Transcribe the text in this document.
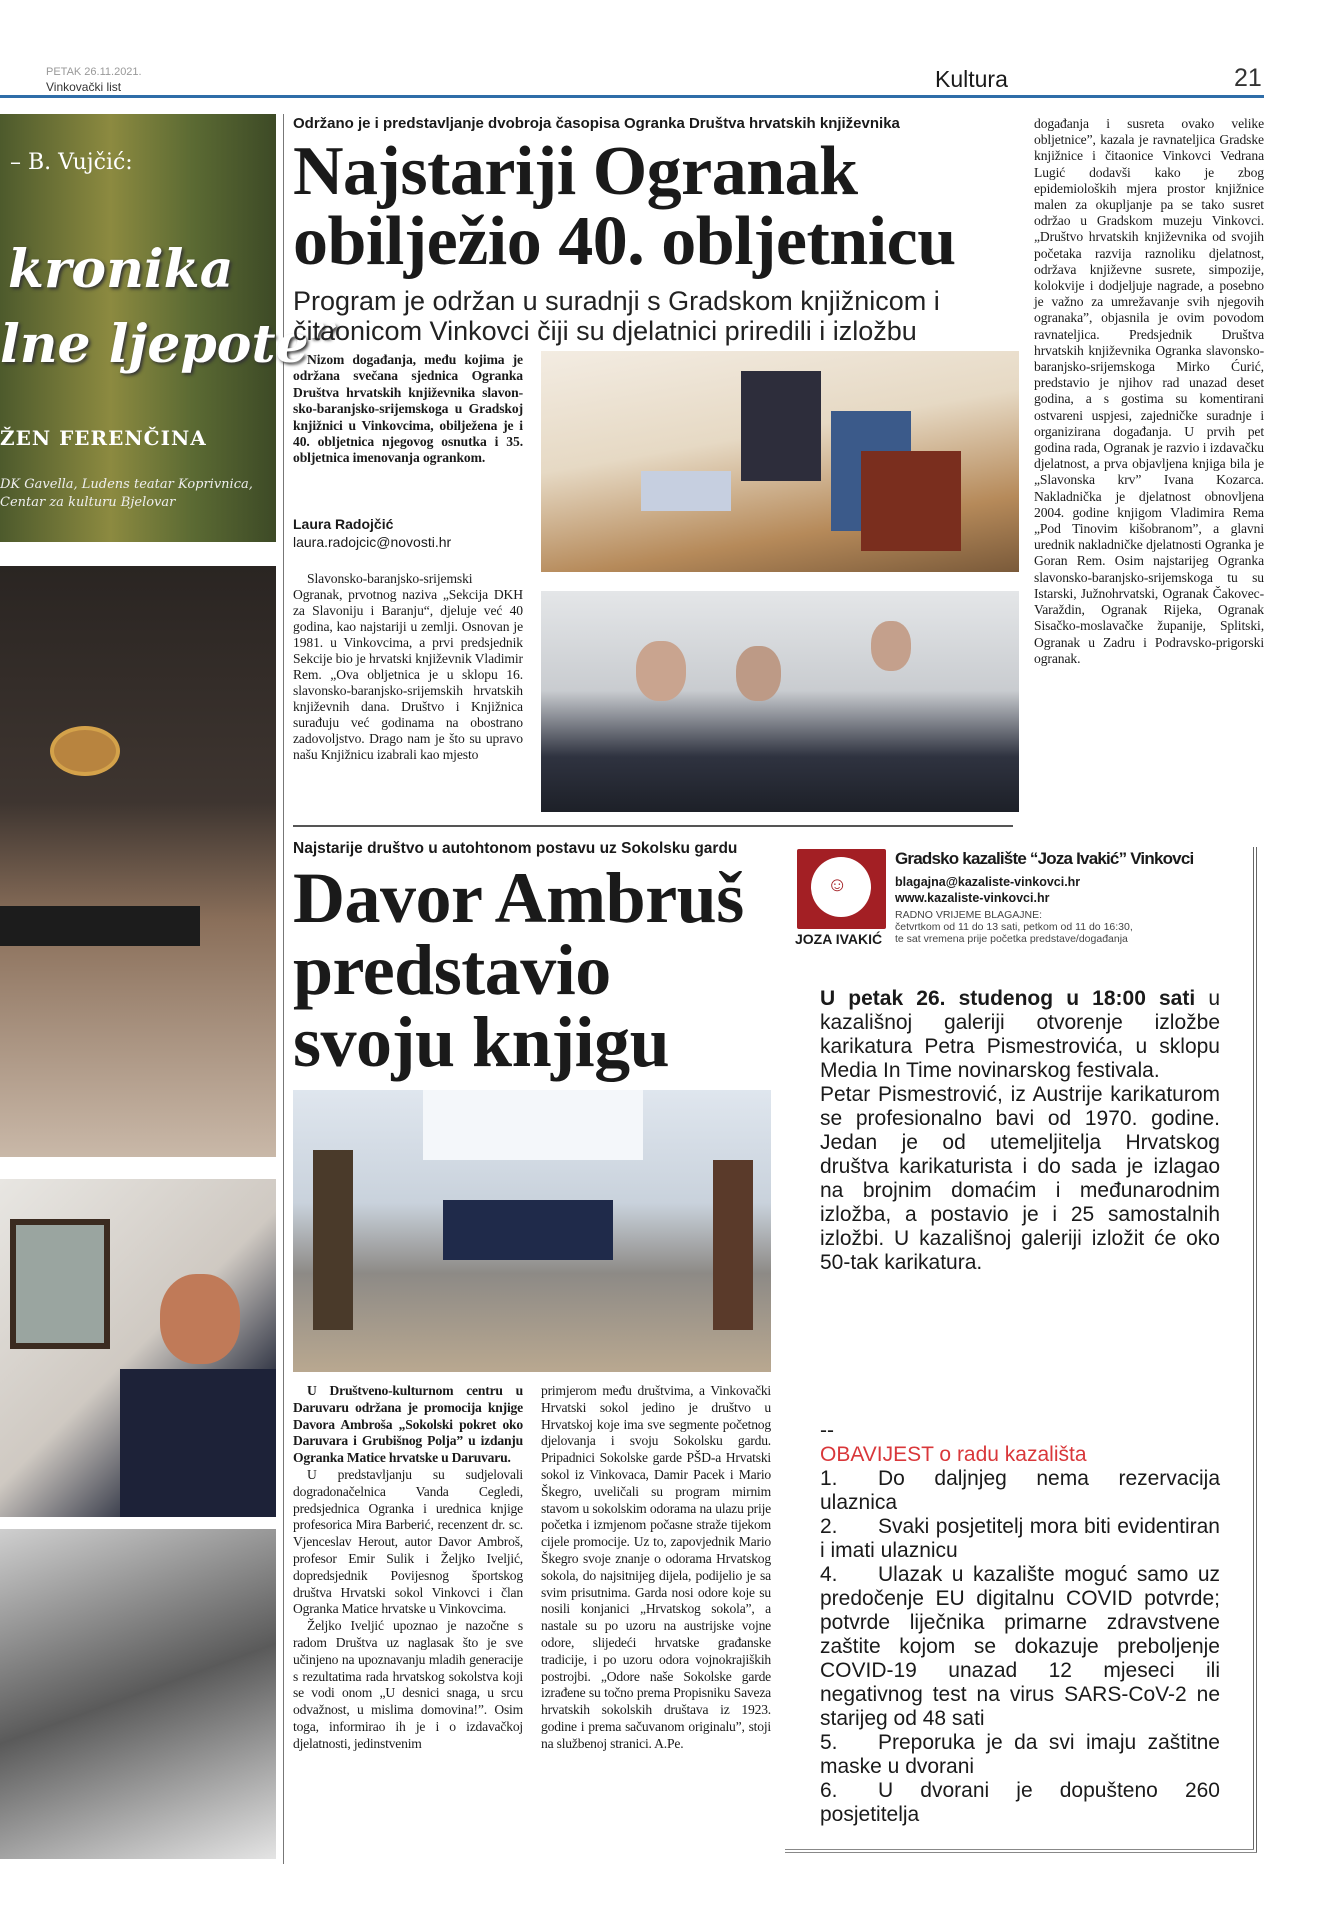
PETAK 26.11.2021.
Vinkovački list	Kultura	21
– B. Vujčić:
kronika
lne ljepote“
ŽEN FERENČINA
DK Gavella, Ludens teatar Koprivnica, Centar za kulturu Bjelovar
Održano je i predstavljanje dvobroja časopisa Ogranka Društva hrvatskih književnika
Najstariji Ogranak
obilježio 40. obljetnicu
Program je održan u suradnji s Gradskom knjižnicom i čitaonicom Vinkovci čiji su djelatnici priredili i izložbu

Nizom događanja, među kojima je održana svečana sjednica Ogranka Društva hrvatskih književnika slavon-sko-baranjsko-srijemskoga u Gradskoj knjižnici u Vinkovcima, obilježena je i 40. obljetnica njegovog osnutka i 35. obljetnica imenovanja ogrankom.

Laura Radojčić
laura.radojcic@novosti.hr

Slavonsko-baranjsko-srijemski Ogranak, prvotnog naziva „Sekcija DKH za Slavoniju i Baranju“, djeluje već 40 godina, kao najstariji u zemlji. Osnovan je 1981. u Vinkovcima, a prvi predsjednik Sekcije bio je hrvatski književnik Vladimir Rem. „Ova obljetnica je u sklopu 16. slavonsko-baranjsko-srijemskih hrvatskih književnih dana. Društvo i Knjižnica surađuju već godinama na obostrano zadovoljstvo. Drago nam je što su upravo našu Knjižnicu izabrali kao mjesto

događanja i susreta ovako velike obljetnice”, kazala je ravnateljica Gradske knjižnice i čitaonice Vinkovci Vedrana Lugić dodavši kako je zbog epidemioloških mjera prostor knjižnice malen za okupljanje pa se tako susret održao u Gradskom muzeju Vinkovci. „Društvo hrvatskih književnika od svojih početaka razvija raznoliku djelatnost, održava književne susrete, simpozije, kolokvije i dodjeljuje nagrade, a posebno je važno za umrežavanje svih njegovih ogranaka”, objasnila je ovim povodom ravnateljica. Predsjednik Društva hrvatskih književnika Ogranka slavonsko-baranjsko-srijemskoga Mirko Ćurić, predstavio je njihov rad unazad deset godina, a s gostima su komentirani ostvareni uspjesi, zajedničke suradnje i organizirana događanja. U prvih pet godina rada, Ogranak je razvio i izdavačku djelatnost, a prva objavljena knjiga bila je „Slavonska krv” Ivana Kozarca. Nakladnička je djelatnost obnovljena 2004. godine knjigom Vladimira Rema „Pod Tinovim kišobranom”, a glavni urednik nakladničke djelatnosti Ogranka je Goran Rem. Osim najstarijeg Ogranka slavonsko-baranjsko-srijemskoga tu su Istarski, Južnohrvatski, Ogranak Čakovec-Varaždin, Ogranak Rijeka, Ogranak Sisačko-moslavačke županije, Splitski, Ogranak u Zadru i Podravsko-prigorski ogranak.

Najstarije društvo u autohtonom postavu uz Sokolsku gardu
Davor Ambruš
predstavio
svoju knjigu

U Društveno-kulturnom centru u Daruvaru održana je promocija knjige Davora Ambroša „Sokolski pokret oko Daruvara i Grubišnog Polja” u izdanju Ogranka Matice hrvatske u Daruvaru.

U predstavljanju su sudjelovali dogradonačelnica Vanda Cegledi, predsjednica Ogranka i urednica knjige profesorica Mira Barberić, recenzent dr. sc. Vjenceslav Herout, autor Davor Ambroš, profesor Emir Sulik i Željko Iveljić, dopredsjednik Povijesnog športskog društva Hrvatski sokol Vinkovci i član Ogranka Matice hrvatske u Vinkovcima.

Željko Iveljić upoznao je nazočne s radom Društva uz naglasak što je sve učinjeno na upoznavanju mladih generacije s rezultatima rada hrvatskog sokolstva koji se vodi onom „U desnici snaga, u srcu odvažnost, u mislima domovina!”. Osim toga, informirao ih je i o izdavačkoj djelatnosti, jedinstvenim

primjerom među društvima, a Vinkovački Hrvatski sokol jedino je društvo u Hrvatskoj koje ima sve segmente početnog djelovanja i svoju Sokolsku gardu. Pripadnici Sokolske garde PŠD-a Hrvatski sokol iz Vinkovaca, Damir Pacek i Mario Škegro, uveličali su program mirnim stavom u sokolskim odorama na ulazu prije početka i izmjenom počasne straže tijekom cijele promocije. Uz to, zapovjednik Mario Škegro svoje znanje o odorama Hrvatskog sokola, do najsitnijeg dijela, podijelio je sa svim prisutnima. Garda nosi odore koje su nosili konjanici „Hrvatskog sokola”, a nastale su po uzoru na austrijske vojne odore, slijedeći hrvatske građanske tradicije, i po uzoru odora vojnokrajiških postrojbi. „Odore naše Sokolske garde izrađene su točno prema Propisniku Saveza hrvatskih sokolskih društava iz 1923. godine i prema sačuvanom originalu”, stoji na službenoj stranici. A.Pe.

☺
JOZA IVAKIĆ
Gradsko kazalište “Joza Ivakić” Vinkovci
blagajna@kazaliste-vinkovci.hr
www.kazaliste-vinkovci.hr
RADNO VRIJEME BLAGAJNE:
četvrtkom od 11 do 13 sati, petkom od 11 do 16:30,
te sat vremena prije početka predstave/događanja
U petak 26. studenog u 18:00 sati u kazališnoj galeriji otvorenje izložbe karikatura Petra Pismestrovića, u sklopu Media In Time novinarskog festivala.
Petar Pismestrović, iz Austrije karikaturom se profesionalno bavi od 1970. godine. Jedan je od utemeljitelja Hrvatskog društva karikaturista i do sada je izlagao na brojnim domaćim i međunarodnim izložba, a postavio je i 25 samostalnih izložbi. U kazališnoj galeriji izložit će oko 50-tak karikatura.
--
OBAVIJEST o radu kazališta
1. Do daljnjeg nema rezervacija ulaznica
2. Svaki posjetitelj mora biti evidentiran i imati ulaznicu
4. Ulazak u kazalište moguć samo uz predočenje EU digitalnu COVID potvrde; potvrde liječnika primarne zdravstvene zaštite kojom se dokazuje preboljenje COVID-19 unazad 12 mjeseci ili negativnog test na virus SARS-CoV-2 ne starijeg od 48 sati
5. Preporuka je da svi imaju zaštitne maske u dvorani
6. U dvorani je dopušteno 260 posjetitelja
